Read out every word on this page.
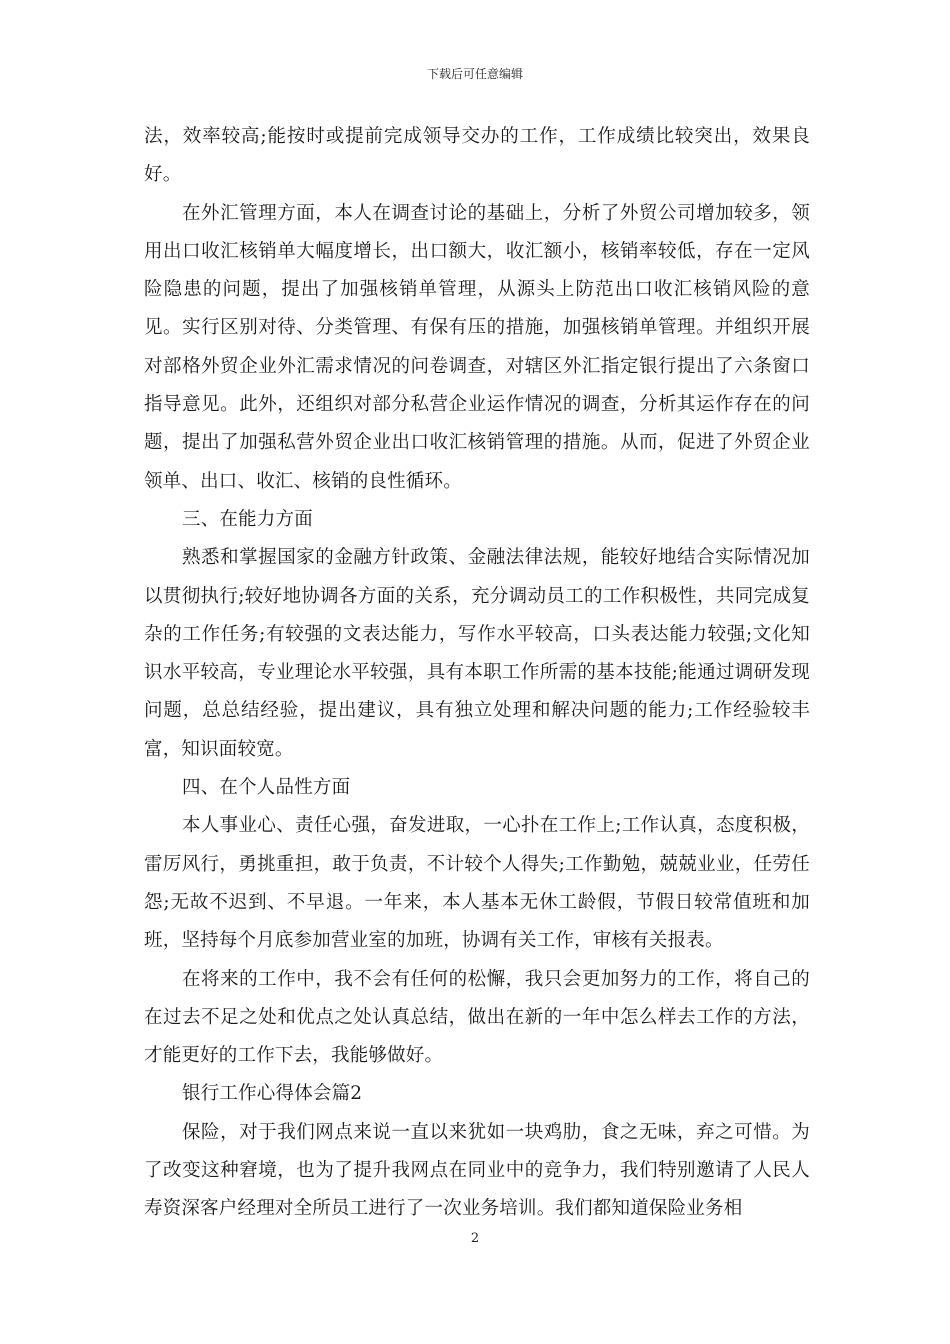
下载后可任意编辑

法，效率较高;能按时或提前完成领导交办的工作，工作成绩比较突出，效果良好。

在外汇管理方面，本人在调查讨论的基础上，分析了外贸公司增加较多，领用出口收汇核销单大幅度增长，出口额大，收汇额小，核销率较低，存在一定风险隐患的问题，提出了加强核销单管理，从源头上防范出口收汇核销风险的意见。实行区别对待、分类管理、有保有压的措施，加强核销单管理。并组织开展对部格外贸企业外汇需求情况的问卷调查，对辖区外汇指定银行提出了六条窗口指导意见。此外，还组织对部分私营企业运作情况的调查，分析其运作存在的问题，提出了加强私营外贸企业出口收汇核销管理的措施。从而，促进了外贸企业领单、出口、收汇、核销的良性循环。

三、在能力方面

熟悉和掌握国家的金融方针政策、金融法律法规，能较好地结合实际情况加以贯彻执行;较好地协调各方面的关系，充分调动员工的工作积极性，共同完成复杂的工作任务;有较强的文表达能力，写作水平较高，口头表达能力较强;文化知识水平较高，专业理论水平较强，具有本职工作所需的基本技能;能通过调研发现问题，总总结经验，提出建议，具有独立处理和解决问题的能力;工作经验较丰富，知识面较宽。

四、在个人品性方面

本人事业心、责任心强，奋发进取，一心扑在工作上;工作认真，态度积极，雷厉风行，勇挑重担，敢于负责，不计较个人得失;工作勤勉，兢兢业业，任劳任怨;无故不迟到、不早退。一年来，本人基本无休工龄假，节假日较常值班和加班，坚持每个月底参加营业室的加班，协调有关工作，审核有关报表。

在将来的工作中，我不会有任何的松懈，我只会更加努力的工作，将自己的在过去不足之处和优点之处认真总结，做出在新的一年中怎么样去工作的方法，才能更好的工作下去，我能够做好。

银行工作心得体会篇2

保险，对于我们网点来说一直以来犹如一块鸡肋，食之无味，弃之可惜。为了改变这种窘境，也为了提升我网点在同业中的竞争力，我们特别邀请了人民人寿资深客户经理对全所员工进行了一次业务培训。我们都知道保险业务相

2
